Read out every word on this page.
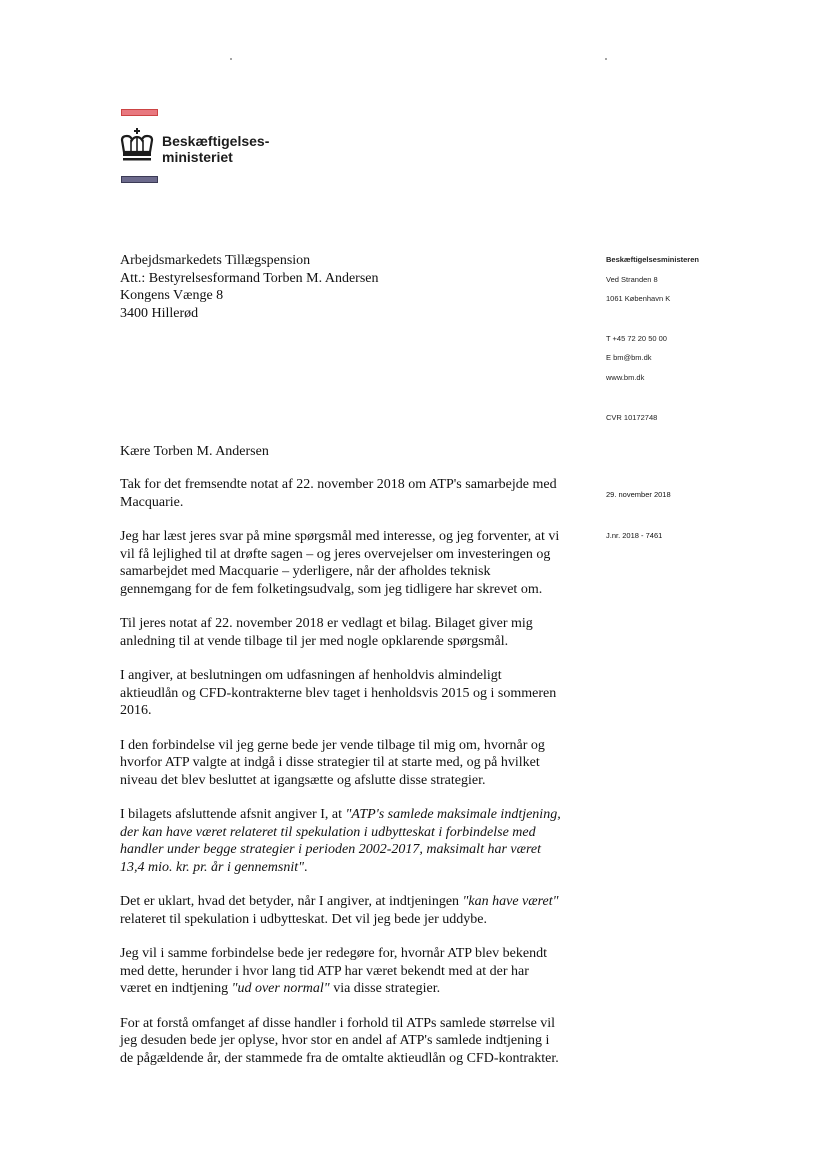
Beskæftigelses-
ministeriet
Arbejdsmarkedets Tillægspension
Att.: Bestyrelsesformand Torben M. Andersen
Kongens Vænge 8
3400 Hillerød
Beskæftigelsesministeren
Ved Stranden 8
1061 København K
T +45 72 20 50 00
E bm@bm.dk
www.bm.dk
CVR 10172748
29. november 2018
J.nr. 2018 - 7461
Kære Torben M. Andersen

Tak for det fremsendte notat af 22. november 2018 om ATP's samarbejde med Macquarie.

Jeg har læst jeres svar på mine spørgsmål med interesse, og jeg forventer, at vi vil få lejlighed til at drøfte sagen – og jeres overvejelser om investeringen og samarbejdet med Macquarie – yderligere, når der afholdes teknisk gennemgang for de fem folketingsudvalg, som jeg tidligere har skrevet om.

Til jeres notat af 22. november 2018 er vedlagt et bilag. Bilaget giver mig anledning til at vende tilbage til jer med nogle opklarende spørgsmål.

I angiver, at beslutningen om udfasningen af henholdvis almindeligt aktieudlån og CFD-kontrakterne blev taget i henholdsvis 2015 og i sommeren 2016.

I den forbindelse vil jeg gerne bede jer vende tilbage til mig om, hvornår og hvorfor ATP valgte at indgå i disse strategier til at starte med, og på hvilket niveau det blev besluttet at igangsætte og afslutte disse strategier.

I bilagets afsluttende afsnit angiver I, at "ATP's samlede maksimale indtjening, der kan have været relateret til spekulation i udbytteskat i forbindelse med handler under begge strategier i perioden 2002-2017, maksimalt har været 13,4 mio. kr. pr. år i gennemsnit".

Det er uklart, hvad det betyder, når I angiver, at indtjeningen "kan have været" relateret til spekulation i udbytteskat. Det vil jeg bede jer uddybe.

Jeg vil i samme forbindelse bede jer redegøre for, hvornår ATP blev bekendt med dette, herunder i hvor lang tid ATP har været bekendt med at der har været en indtjening "ud over normal" via disse strategier.

For at forstå omfanget af disse handler i forhold til ATPs samlede størrelse vil jeg desuden bede jer oplyse, hvor stor en andel af ATP's samlede indtjening i de pågældende år, der stammede fra de omtalte aktieudlån og CFD-kontrakter.
